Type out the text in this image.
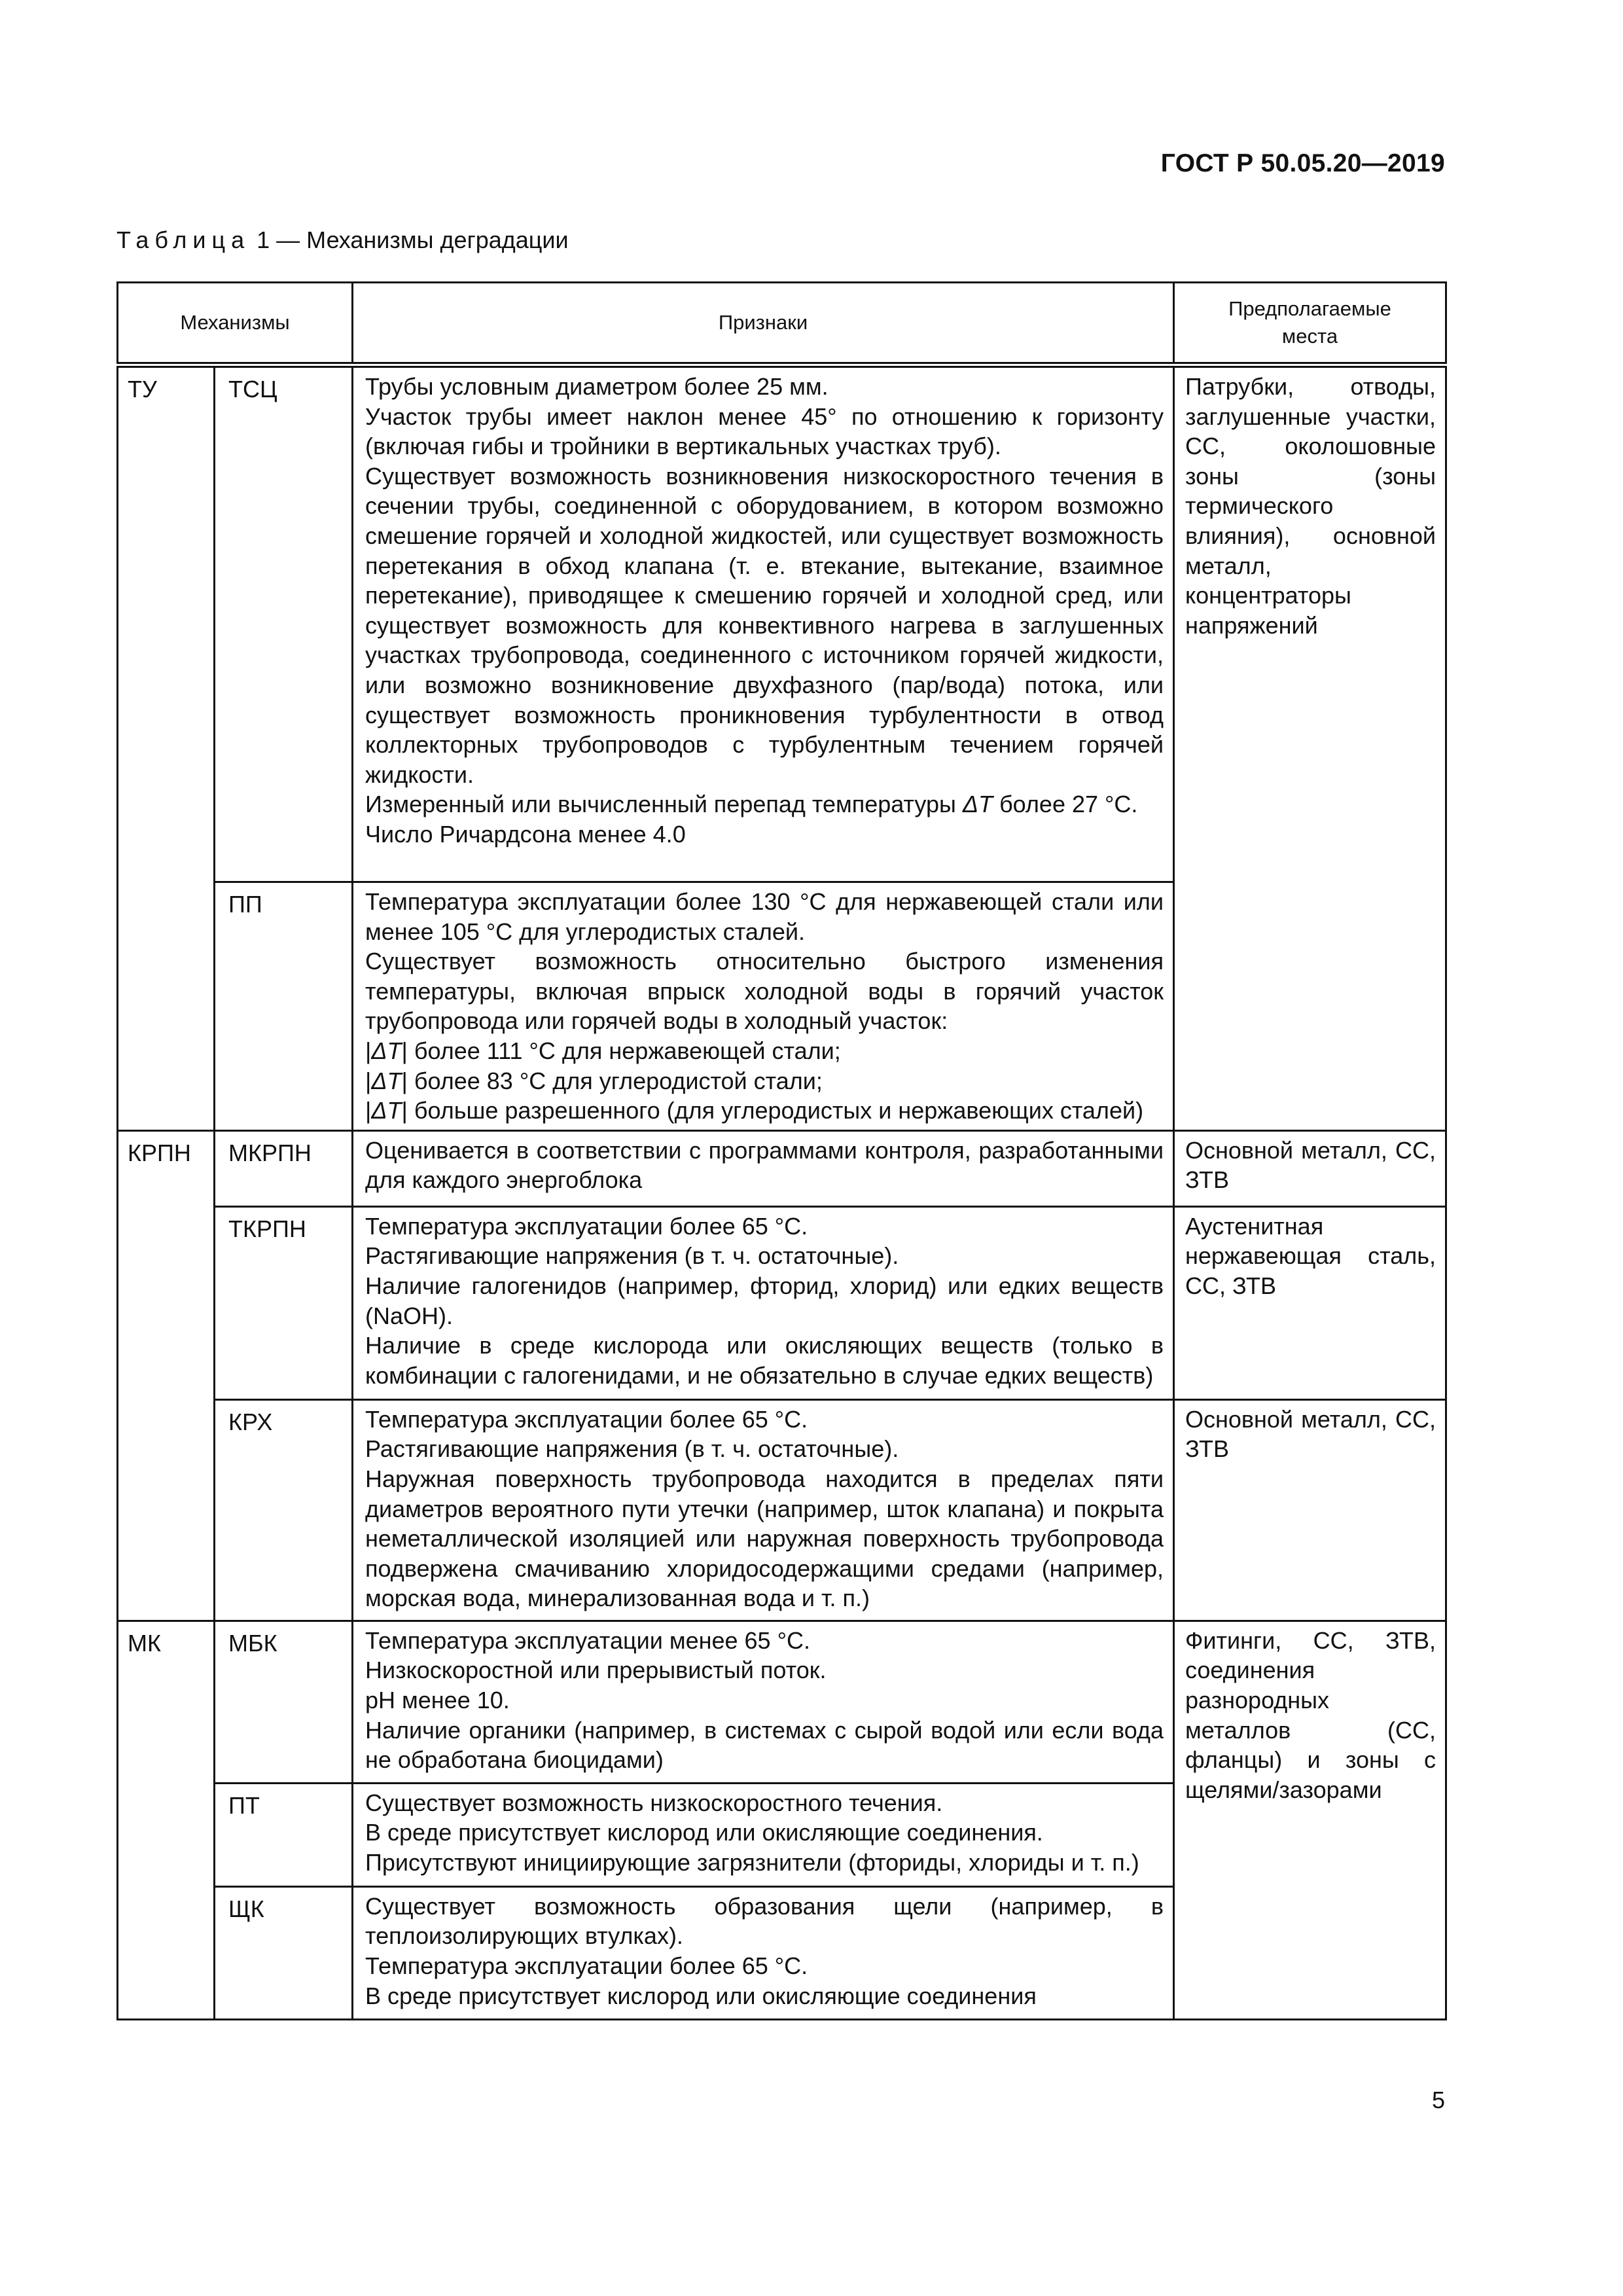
ГОСТ Р 50.05.20—2019
Таблица 1 — Механизмы деградации
Механизмы		Признаки	Предполагаемые
места
ТУ	ТСЦ	Трубы условным диаметром более 25 мм.
Участок трубы имеет наклон менее 45° по отношению к горизонту (включая гибы и тройники в вертикальных участках труб).
Существует возможность возникновения низкоскоростного течения в сечении трубы, соединенной с оборудованием, в котором возможно смешение горячей и холодной жидкостей, или существует возможность перетекания в обход клапана (т. е. втекание, вытекание, взаимное перетекание), приводящее к смешению горячей и холодной сред, или существует возможность для конвективного нагрева в заглушенных участках трубопровода, соединенного с источником горячей жидкости, или возможно возникновение двухфазного (пар/вода) потока, или существует возможность проникновения турбулентности в отвод коллекторных трубопроводов с турбулентным течением горячей жидкости.
Измеренный или вычисленный перепад температуры ΔT более 27 °C.
Число Ричардсона менее 4.0	Патрубки, отводы, заглушенные участки, СС, околошовные зоны (зоны термического влияния), основной металл, концентраторы напряжений

	ПП	Температура эксплуатации более 130 °C для нержавеющей стали или менее 105 °C для углеродистых сталей.
Существует возможность относительно быстрого изменения температуры, включая впрыск холодной воды в горячий участок трубопровода или горячей воды в холодный участок:
|ΔT| более 111 °C для нержавеющей стали;
|ΔT| более 83 °C для углеродистой стали;
|ΔT| больше разрешенного (для углеродистых и нержавеющих сталей)	

КРПН	МКРПН	Оценивается в соответствии с программами контроля, разработанными для каждого энергоблока	Основной металл, СС, ЗТВ

	ТКРПН	Температура эксплуатации более 65 °C.
Растягивающие напряжения (в т. ч. остаточные).
Наличие галогенидов (например, фторид, хлорид) или едких веществ (NaOH).
Наличие в среде кислорода или окисляющих веществ (только в комбинации с галогенидами, и не обязательно в случае едких веществ)	Аустенитная нержавеющая сталь, СС, ЗТВ

	КРХ	Температура эксплуатации более 65 °C.
Растягивающие напряжения (в т. ч. остаточные).
Наружная поверхность трубопровода находится в пределах пяти диаметров вероятного пути утечки (например, шток клапана) и покрыта неметаллической изоляцией или наружная поверхность трубопровода подвержена смачиванию хлоридосодержащими средами (например, морская вода, минерализованная вода и т. п.)	Основной металл, СС, ЗТВ

МК	МБК	Температура эксплуатации менее 65 °C.
Низкоскоростной или прерывистый поток.
pH менее 10.
Наличие органики (например, в системах с сырой водой или если вода не обработана биоцидами)	Фитинги, СС, ЗТВ, соединения разнородных металлов (СС, фланцы) и зоны с щелями/зазорами

	ПТ	Существует возможность низкоскоростного течения.
В среде присутствует кислород или окисляющие соединения.
Присутствуют инициирующие загрязнители (фториды, хлориды и т. п.)	

	ЩК	Существует возможность образования щели (например, в теплоизолирующих втулках).
Температура эксплуатации более 65 °C.
В среде присутствует кислород или окисляющие соединения	
5
